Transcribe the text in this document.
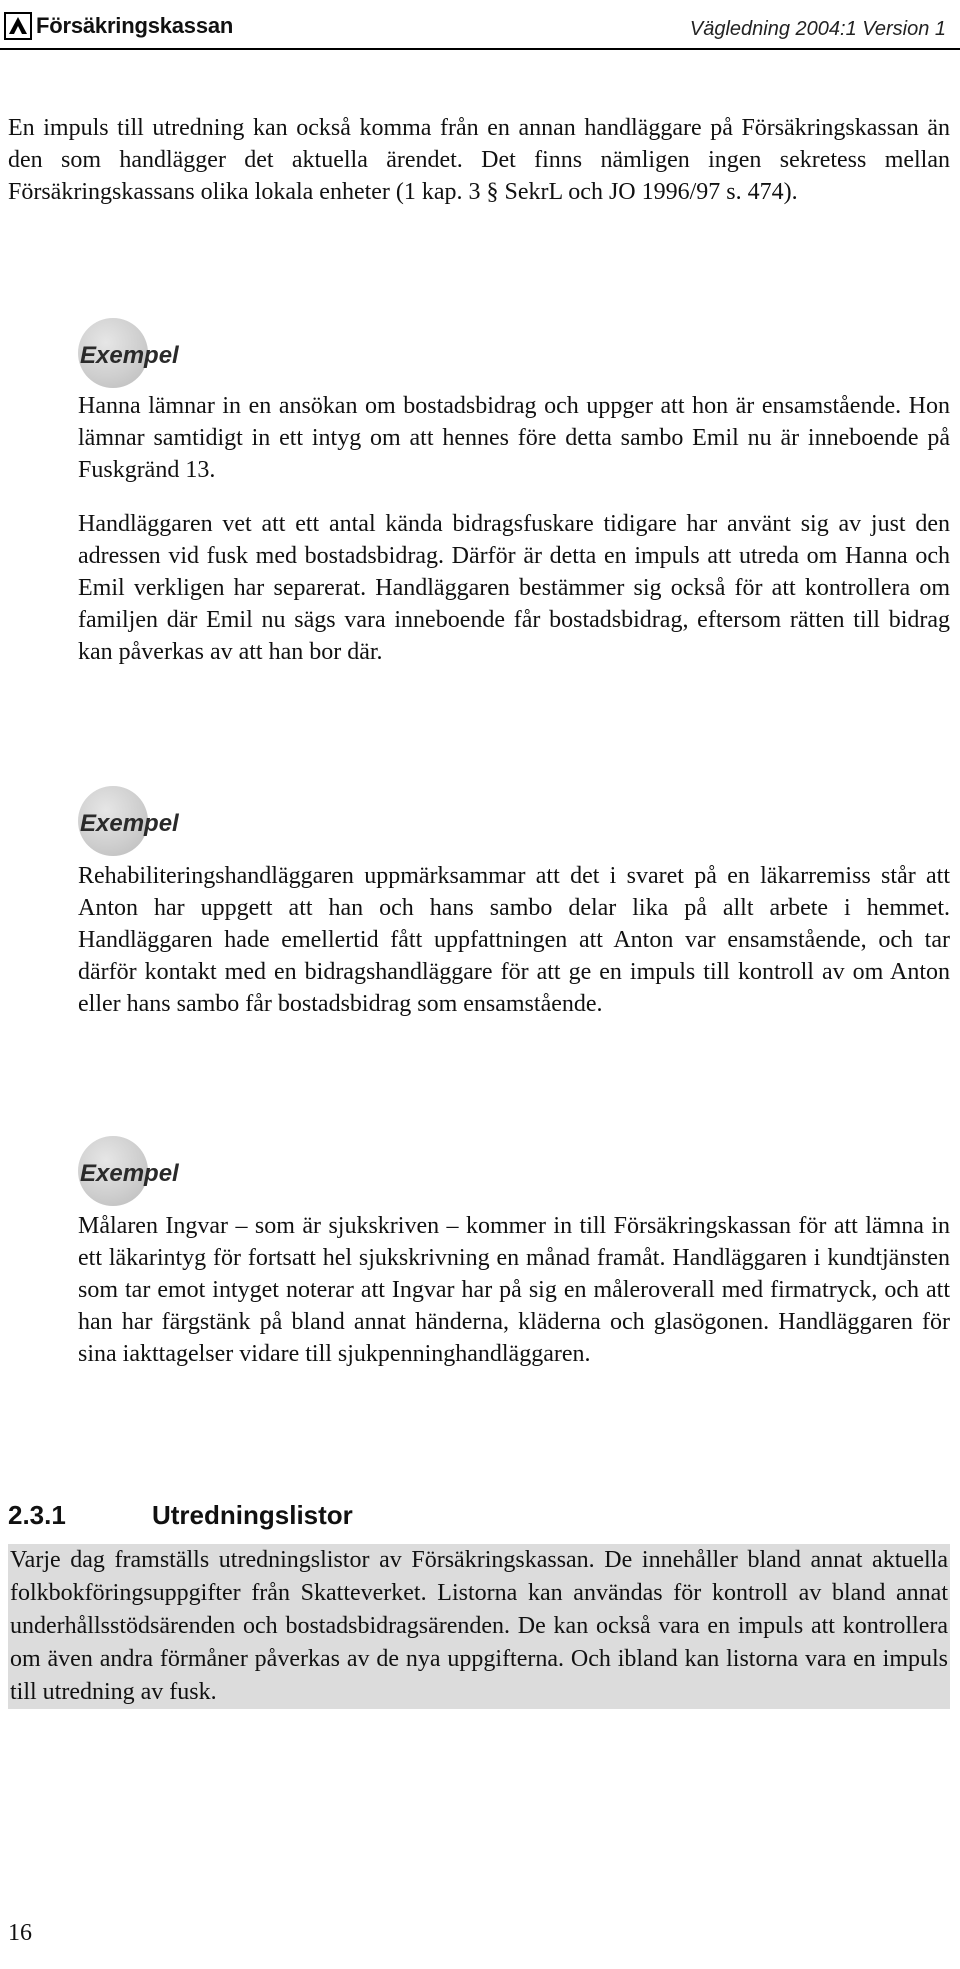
Försäkringskassan	Vägledning 2004:1 Version 1

En impuls till utredning kan också komma från en annan handläggare på Försäkringskassan än den som handlägger det aktuella ärendet. Det finns nämligen ingen sekretess mellan Försäkringskassans olika lokala enheter (1 kap. 3 § SekrL och JO 1996/97 s. 474).

Exempel

Hanna lämnar in en ansökan om bostadsbidrag och uppger att hon är ensamstående. Hon lämnar samtidigt in ett intyg om att hennes före detta sambo Emil nu är inneboende på Fuskgränd 13.

Handläggaren vet att ett antal kända bidragsfuskare tidigare har använt sig av just den adressen vid fusk med bostadsbidrag. Därför är detta en impuls att utreda om Hanna och Emil verkligen har separerat. Handläggaren bestämmer sig också för att kontrollera om familjen där Emil nu sägs vara inneboende får bostadsbidrag, eftersom rätten till bidrag kan påverkas av att han bor där.

Exempel

Rehabiliteringshandläggaren uppmärksammar att det i svaret på en läkarremiss står att Anton har uppgett att han och hans sambo delar lika på allt arbete i hemmet. Handläggaren hade emellertid fått uppfattningen att Anton var ensamstående, och tar därför kontakt med en bidragshandläggare för att ge en impuls till kontroll av om Anton eller hans sambo får bostadsbidrag som ensamstående.

Exempel

Målaren Ingvar – som är sjukskriven – kommer in till Försäkringskassan för att lämna in ett läkarintyg för fortsatt hel sjukskrivning en månad framåt. Handläggaren i kundtjänsten som tar emot intyget noterar att Ingvar har på sig en måleroverall med firmatryck, och att han har färgstänk på bland annat händerna, kläderna och glasögonen. Handläggaren för sina iakttagelser vidare till sjukpenninghandläggaren.

2.3.1	Utredningslistor

Varje dag framställs utredningslistor av Försäkringskassan. De innehåller bland annat aktuella folkbokföringsuppgifter från Skatteverket. Listorna kan användas för kontroll av bland annat underhållsstödsärenden och bostadsbidragsärenden. De kan också vara en impuls att kontrollera om även andra förmåner påverkas av de nya uppgifterna. Och ibland kan listorna vara en impuls till utredning av fusk.

16
